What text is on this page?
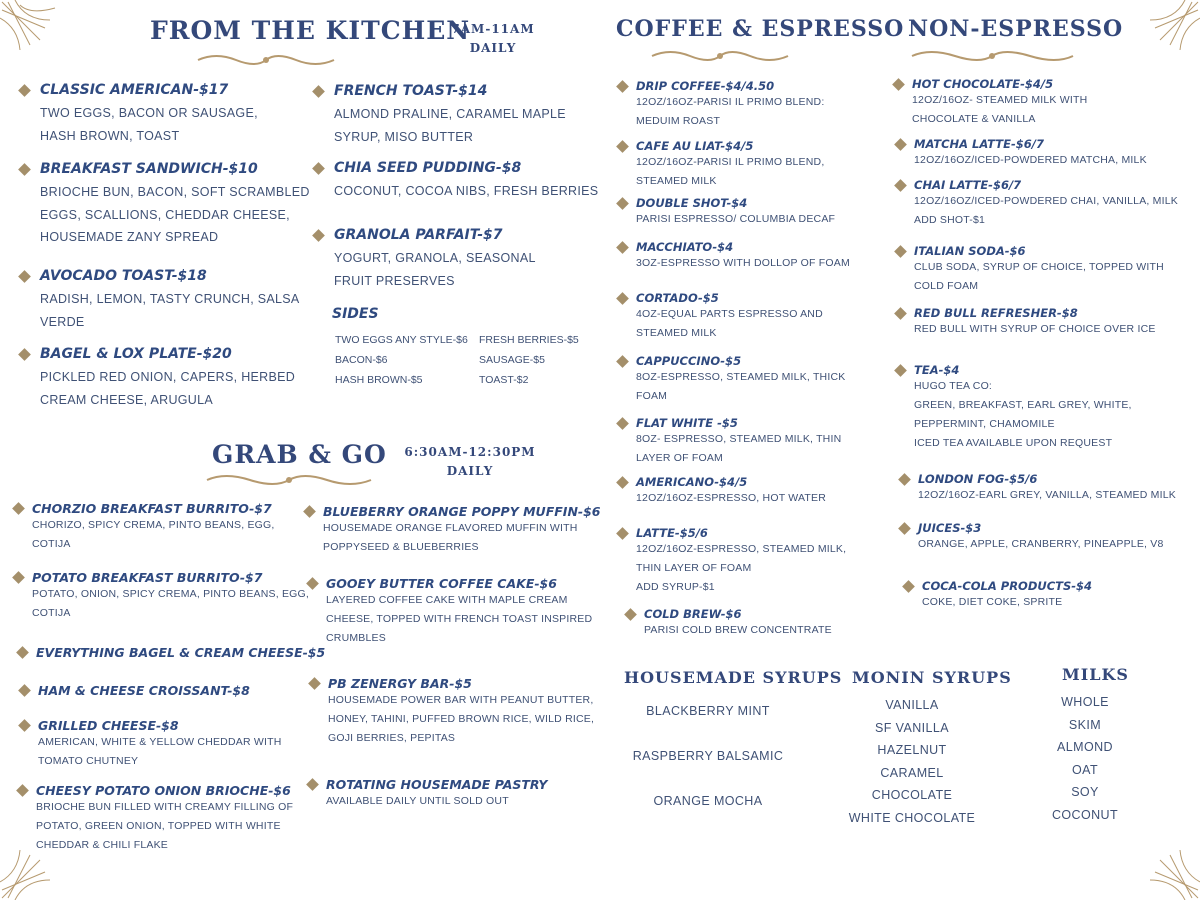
FROM THE KITCHEN
7AM-11AM
DAILY
COFFEE & ESPRESSO NON-ESPRESSO
GRAB & GO	6:30AM-12:30PM
DAILY
CLASSIC AMERICAN-$17
TWO EGGS, BACON OR SAUSAGE,
HASH BROWN, TOAST
BREAKFAST SANDWICH-$10
BRIOCHE BUN, BACON, SOFT SCRAMBLED
EGGS, SCALLIONS, CHEDDAR CHEESE,
HOUSEMADE ZANY SPREAD
AVOCADO TOAST-$18
RADISH, LEMON, TASTY CRUNCH, SALSA
VERDE
BAGEL & LOX PLATE-$20
PICKLED RED ONION, CAPERS, HERBED
CREAM CHEESE, ARUGULA
FRENCH TOAST-$14
ALMOND PRALINE, CARAMEL MAPLE
SYRUP, MISO BUTTER
CHIA SEED PUDDING-$8
COCONUT, COCOA NIBS, FRESH BERRIES
GRANOLA PARFAIT-$7
YOGURT, GRANOLA, SEASONAL
FRUIT PRESERVES
SIDES
TWO EGGS ANY STYLE-$6	FRESH BERRIES-$5
BACON-$6	SAUSAGE-$5
HASH BROWN-$5	TOAST-$2
CHORZIO BREAKFAST BURRITO-$7
CHORIZO, SPICY CREMA, PINTO BEANS, EGG,
COTIJA
POTATO BREAKFAST BURRITO-$7
POTATO, ONION, SPICY CREMA, PINTO BEANS, EGG,
COTIJA
EVERYTHING BAGEL & CREAM CHEESE-$5
HAM & CHEESE CROISSANT-$8
GRILLED CHEESE-$8
AMERICAN, WHITE & YELLOW CHEDDAR WITH
TOMATO CHUTNEY
CHEESY POTATO ONION BRIOCHE-$6
BRIOCHE BUN FILLED WITH CREAMY FILLING OF
POTATO, GREEN ONION, TOPPED WITH WHITE
CHEDDAR & CHILI FLAKE
BLUEBERRY ORANGE POPPY MUFFIN-$6
HOUSEMADE ORANGE FLAVORED MUFFIN WITH
POPPYSEED & BLUEBERRIES
GOOEY BUTTER COFFEE CAKE-$6
LAYERED COFFEE CAKE WITH MAPLE CREAM
CHEESE, TOPPED WITH FRENCH TOAST INSPIRED
CRUMBLES
PB ZENERGY BAR-$5
HOUSEMADE POWER BAR WITH PEANUT BUTTER,
HONEY, TAHINI, PUFFED BROWN RICE, WILD RICE,
GOJI BERRIES, PEPITAS
ROTATING HOUSEMADE PASTRY
AVAILABLE DAILY UNTIL SOLD OUT
DRIP COFFEE-$4/4.50
12OZ/16OZ-PARISI IL PRIMO BLEND:
MEDUIM ROAST
CAFE AU LIAT-$4/5
12OZ/16OZ-PARISI IL PRIMO BLEND,
STEAMED MILK
DOUBLE SHOT-$4
PARISI ESPRESSO/ COLUMBIA DECAF
MACCHIATO-$4
3OZ-ESPRESSO WITH DOLLOP OF FOAM
CORTADO-$5
4OZ-EQUAL PARTS ESPRESSO AND
STEAMED MILK
CAPPUCCINO-$5
8OZ-ESPRESSO, STEAMED MILK, THICK
FOAM
FLAT WHITE -$5
8OZ- ESPRESSO, STEAMED MILK, THIN
LAYER OF FOAM
AMERICANO-$4/5
12OZ/16OZ-ESPRESSO, HOT WATER
LATTE-$5/6
12OZ/16OZ-ESPRESSO, STEAMED MILK,
THIN LAYER OF FOAM
ADD SYRUP-$1
COLD BREW-$6
PARISI COLD BREW CONCENTRATE
HOT CHOCOLATE-$4/5
12OZ/16OZ- STEAMED MILK WITH
CHOCOLATE & VANILLA
MATCHA LATTE-$6/7
12OZ/16OZ/ICED-POWDERED MATCHA, MILK
CHAI LATTE-$6/7
12OZ/16OZ/ICED-POWDERED CHAI, VANILLA, MILK
ADD SHOT-$1
ITALIAN SODA-$6
CLUB SODA, SYRUP OF CHOICE, TOPPED WITH
COLD FOAM
RED BULL REFRESHER-$8
RED BULL WITH SYRUP OF CHOICE OVER ICE
TEA-$4
HUGO TEA CO:
GREEN, BREAKFAST, EARL GREY, WHITE,
PEPPERMINT, CHAMOMILE
ICED TEA AVAILABLE UPON REQUEST
LONDON FOG-$5/6
12OZ/16OZ-EARL GREY, VANILLA, STEAMED MILK
JUICES-$3
ORANGE, APPLE, CRANBERRY, PINEAPPLE, V8
COCA-COLA PRODUCTS-$4
COKE, DIET COKE, SPRITE
HOUSEMADE SYRUPS
BLACKBERRY MINT
RASPBERRY BALSAMIC
ORANGE MOCHA
MONIN SYRUPS
VANILLA
SF VANILLA
HAZELNUT
CARAMEL
CHOCOLATE
WHITE CHOCOLATE
MILKS
WHOLE
SKIM
ALMOND
OAT
SOY
COCONUT
